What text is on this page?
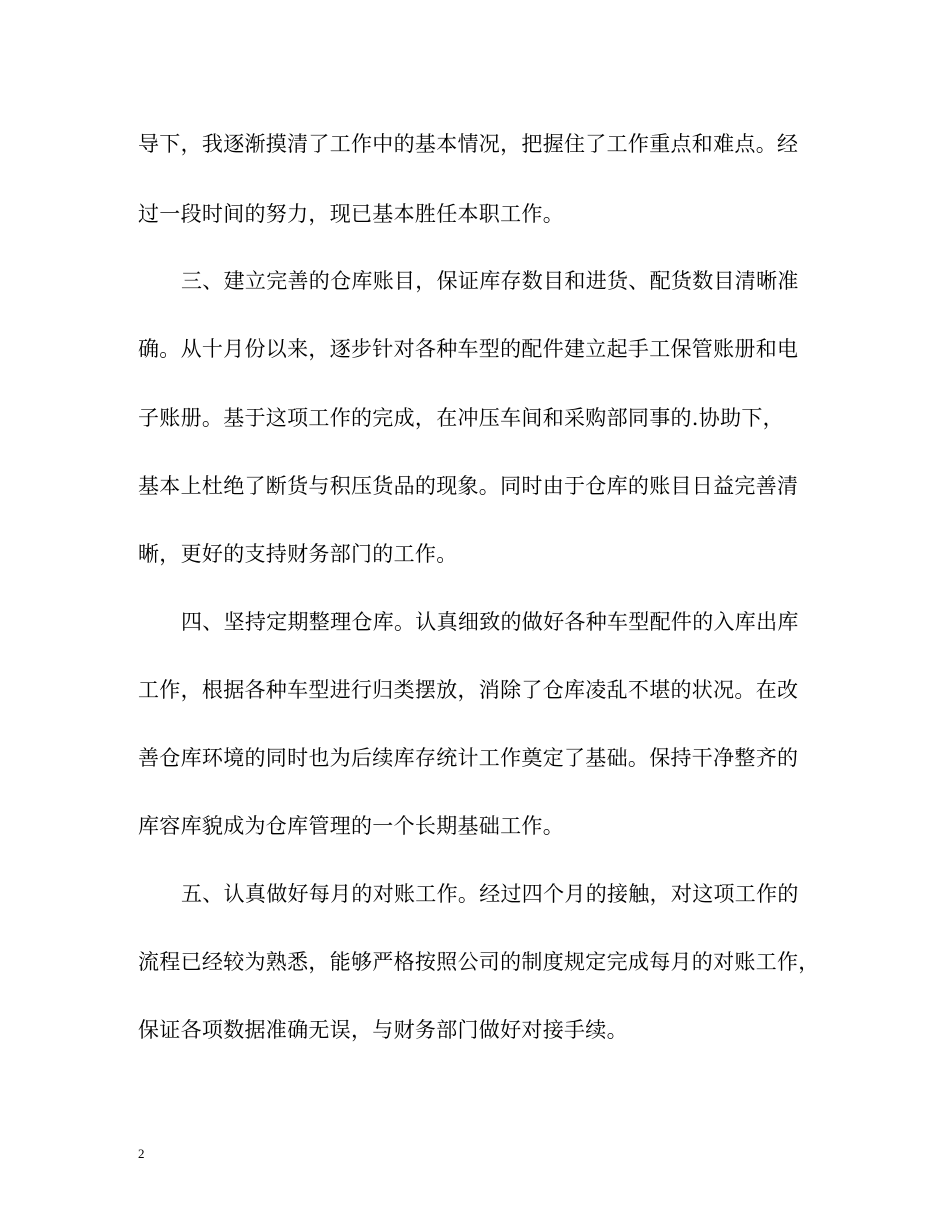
导下，我逐渐摸清了工作中的基本情况，把握住了工作重点和难点。经
过一段时间的努力，现已基本胜任本职工作。
三、建立完善的仓库账目，保证库存数目和进货、配货数目清晰准
确。从十月份以来，逐步针对各种车型的配件建立起手工保管账册和电
子账册。基于这项工作的完成，在冲压车间和采购部同事的.协助下，
基本上杜绝了断货与积压货品的现象。同时由于仓库的账目日益完善清
晰，更好的支持财务部门的工作。
四、坚持定期整理仓库。认真细致的做好各种车型配件的入库出库
工作，根据各种车型进行归类摆放，消除了仓库凌乱不堪的状况。在改
善仓库环境的同时也为后续库存统计工作奠定了基础。保持干净整齐的
库容库貌成为仓库管理的一个长期基础工作。
五、认真做好每月的对账工作。经过四个月的接触，对这项工作的
流程已经较为熟悉，能够严格按照公司的制度规定完成每月的对账工作，
保证各项数据准确无误，与财务部门做好对接手续。
2
